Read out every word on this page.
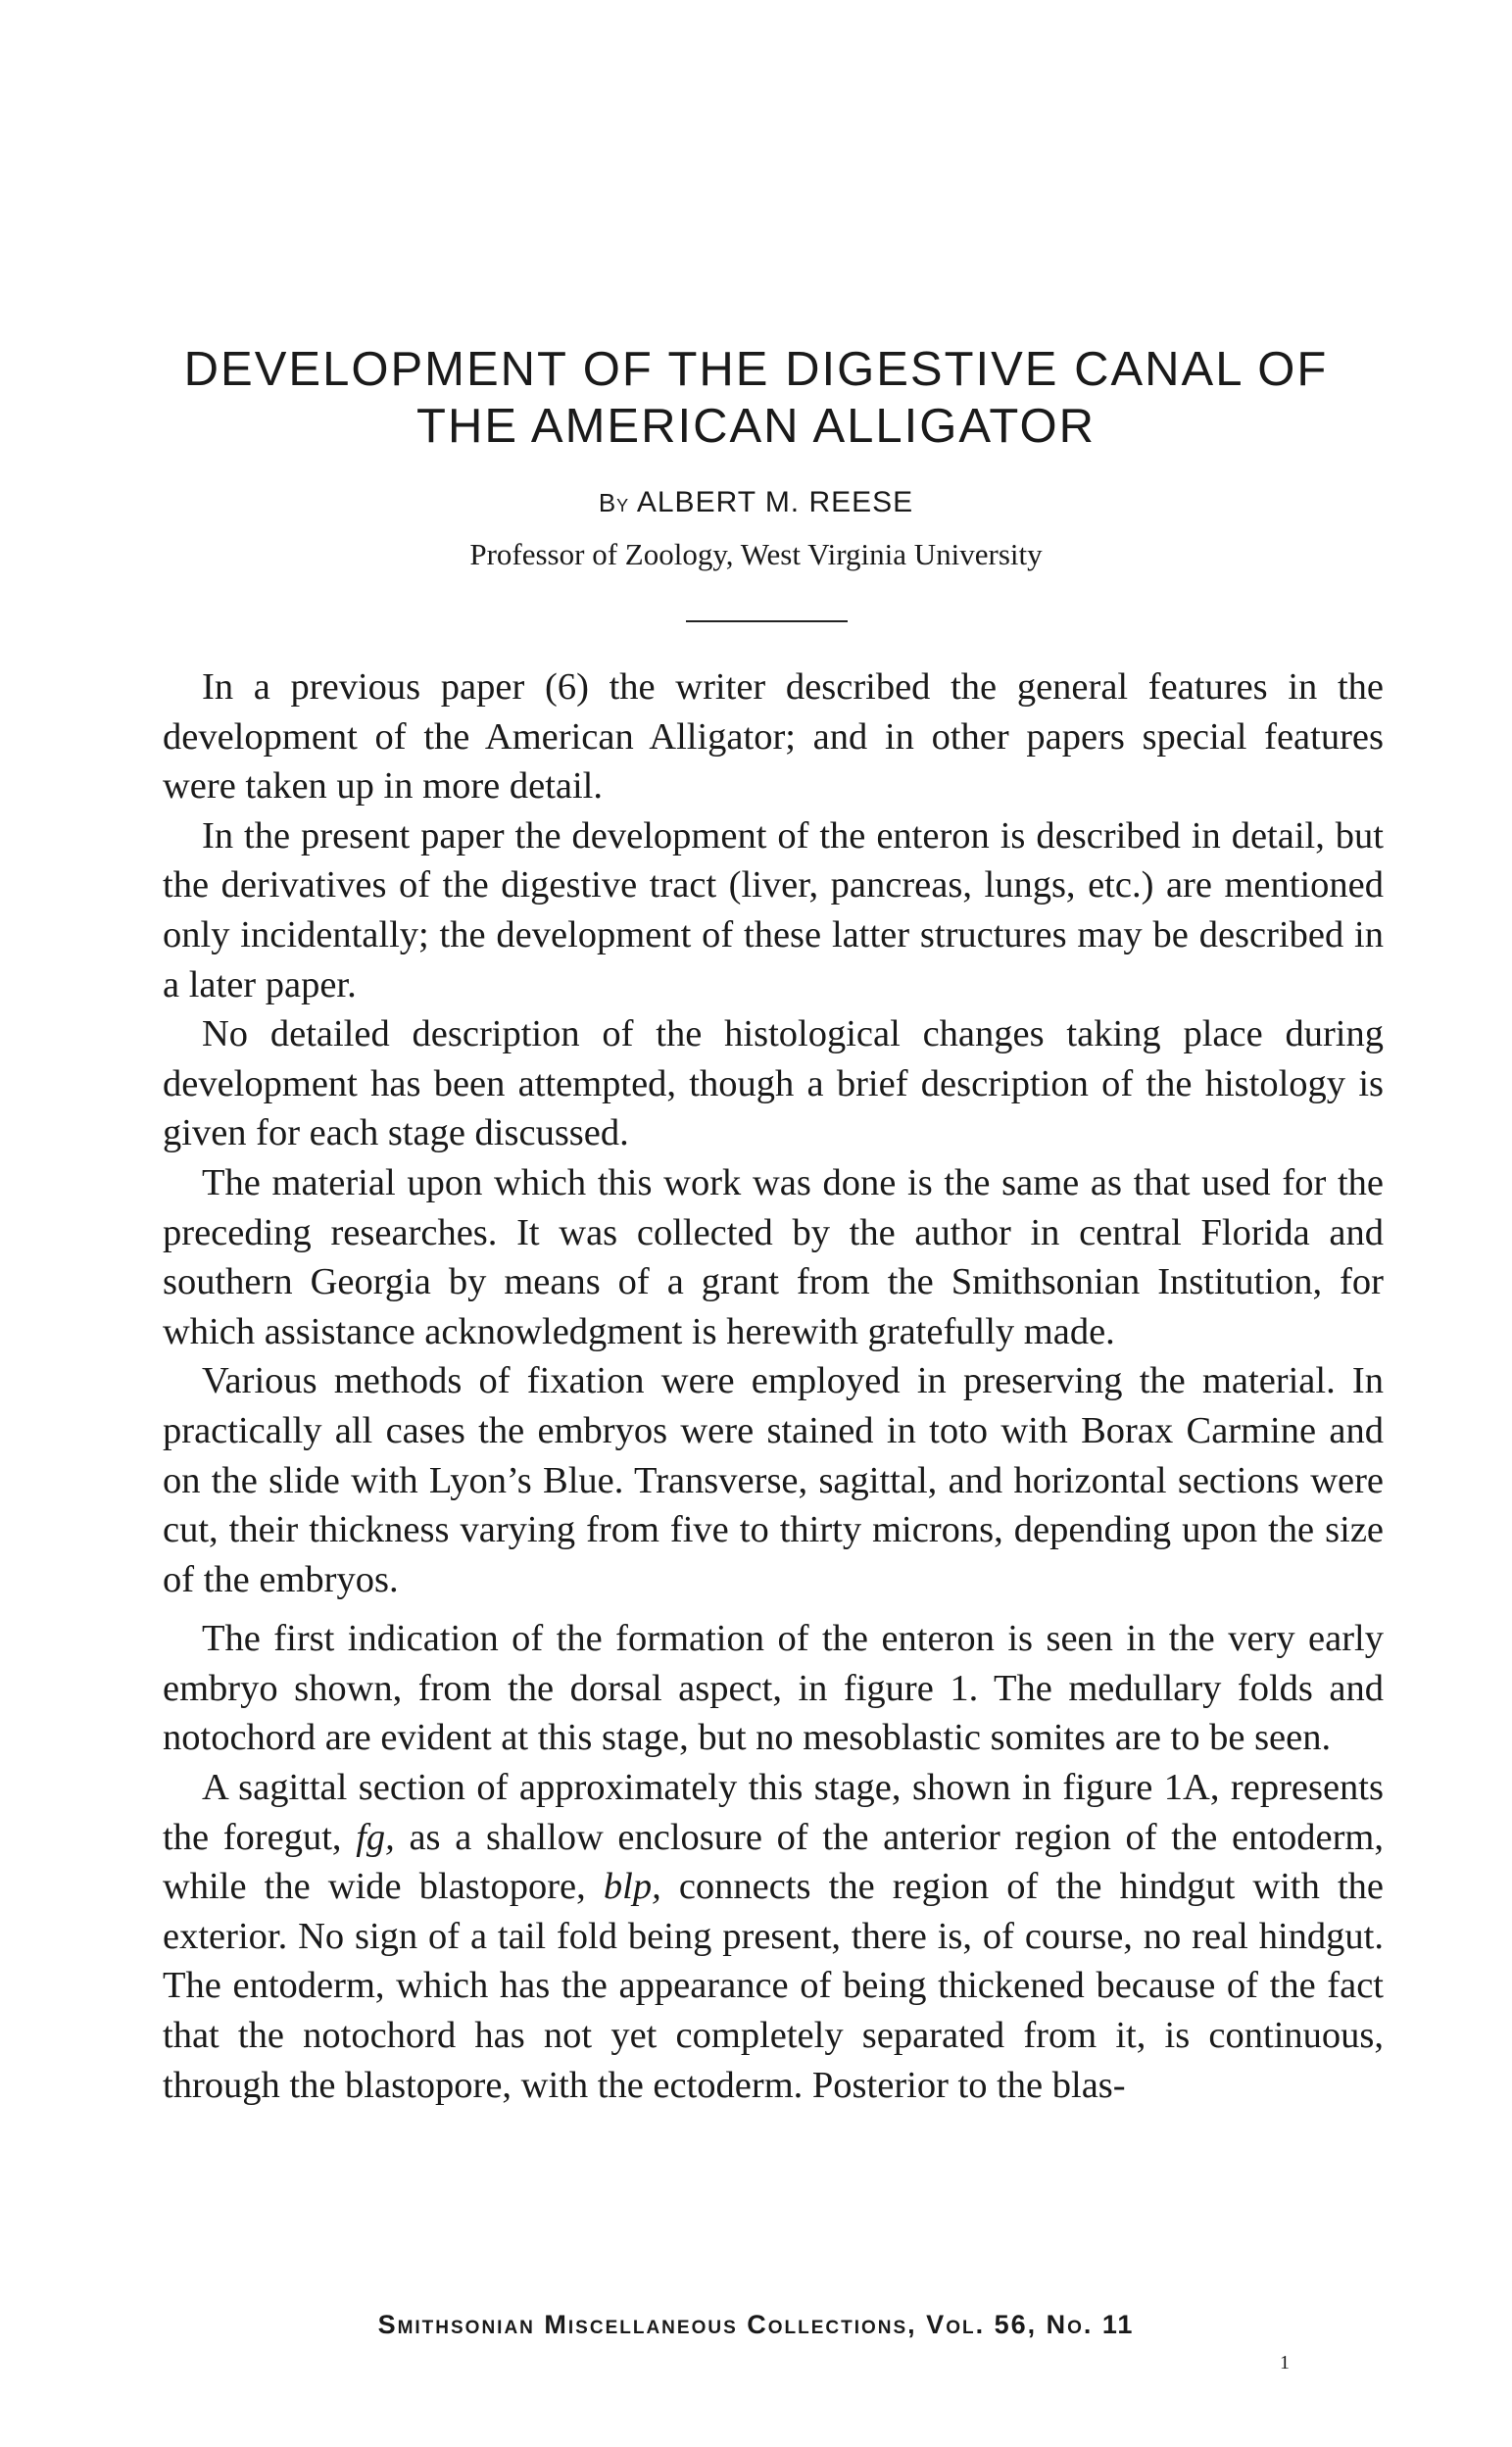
DEVELOPMENT OF THE DIGESTIVE CANAL OF
THE AMERICAN ALLIGATOR
By ALBERT M. REESE
Professor of Zoology, West Virginia University

In a previous paper (6) the writer described the general features in the development of the American Alligator; and in other papers special features were taken up in more detail.

In the present paper the development of the enteron is described in detail, but the derivatives of the digestive tract (liver, pancreas, lungs, etc.) are mentioned only incidentally; the development of these latter structures may be described in a later paper.

No detailed description of the histological changes taking place during development has been attempted, though a brief description of the histology is given for each stage discussed.

The material upon which this work was done is the same as that used for the preceding researches. It was collected by the author in central Florida and southern Georgia by means of a grant from the Smithsonian Institution, for which assistance acknowledgment is herewith gratefully made.

Various methods of fixation were employed in preserving the material. In practically all cases the embryos were stained in toto with Borax Carmine and on the slide with Lyon’s Blue. Transverse, sagittal, and horizontal sections were cut, their thickness varying from five to thirty microns, depending upon the size of the embryos.

The first indication of the formation of the enteron is seen in the very early embryo shown, from the dorsal aspect, in figure 1. The medullary folds and notochord are evident at this stage, but no mesoblastic somites are to be seen.

A sagittal section of approximately this stage, shown in figure 1A, represents the foregut, fg, as a shallow enclosure of the anterior region of the entoderm, while the wide blastopore, blp, connects the region of the hindgut with the exterior. No sign of a tail fold being present, there is, of course, no real hindgut. The entoderm, which has the appearance of being thickened because of the fact that the notochord has not yet completely separated from it, is continuous, through the blastopore, with the ectoderm. Posterior to the blas-

Smithsonian Miscellaneous Collections, Vol. 56, No. 11
1
